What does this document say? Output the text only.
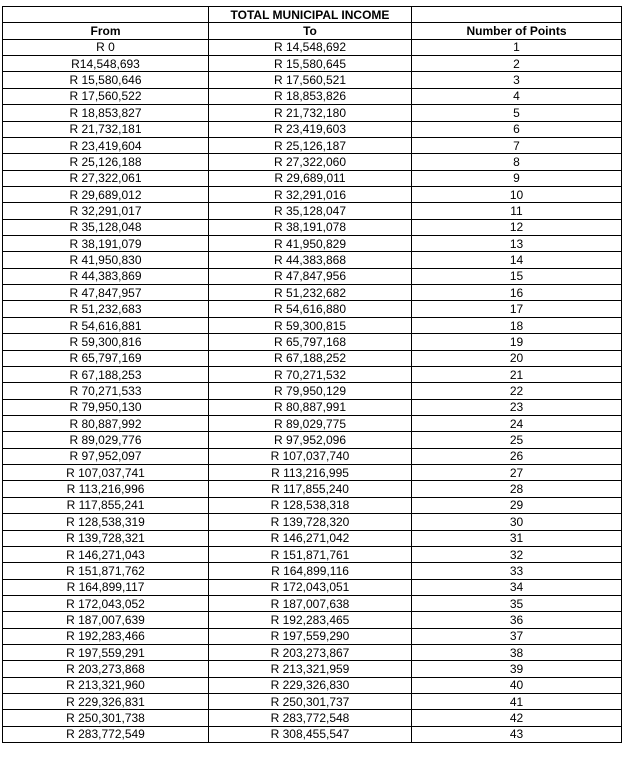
	TOTAL MUNICIPAL INCOME	
From	To	Number of Points
R 0	R 14,548,692	1
R14,548,693	R 15,580,645	2
R 15,580,646	R 17,560,521	3
R 17,560,522	R 18,853,826	4
R 18,853,827	R 21,732,180	5
R 21,732,181	R 23,419,603	6
R 23,419,604	R 25,126,187	7
R 25,126,188	R 27,322,060	8
R 27,322,061	R 29,689,011	9
R 29,689,012	R 32,291,016	10
R 32,291,017	R 35,128,047	11
R 35,128,048	R 38,191,078	12
R 38,191,079	R 41,950,829	13
R 41,950,830	R 44,383,868	14
R 44,383,869	R 47,847,956	15
R 47,847,957	R 51,232,682	16
R 51,232,683	R 54,616,880	17
R 54,616,881	R 59,300,815	18
R 59,300,816	R 65,797,168	19
R 65,797,169	R 67,188,252	20
R 67,188,253	R 70,271,532	21
R 70,271,533	R 79,950,129	22
R 79,950,130	R 80,887,991	23
R 80,887,992	R 89,029,775	24
R 89,029,776	R 97,952,096	25
R 97,952,097	R 107,037,740	26
R 107,037,741	R 113,216,995	27
R 113,216,996	R 117,855,240	28
R 117,855,241	R 128,538,318	29
R 128,538,319	R 139,728,320	30
R 139,728,321	R 146,271,042	31
R 146,271,043	R 151,871,761	32
R 151,871,762	R 164,899,116	33
R 164,899,117	R 172,043,051	34
R 172,043,052	R 187,007,638	35
R 187,007,639	R 192,283,465	36
R 192,283,466	R 197,559,290	37
R 197,559,291	R 203,273,867	38
R 203,273,868	R 213,321,959	39
R 213,321,960	R 229,326,830	40
R 229,326,831	R 250,301,737	41
R 250,301,738	R 283,772,548	42
R 283,772,549	R 308,455,547	43
